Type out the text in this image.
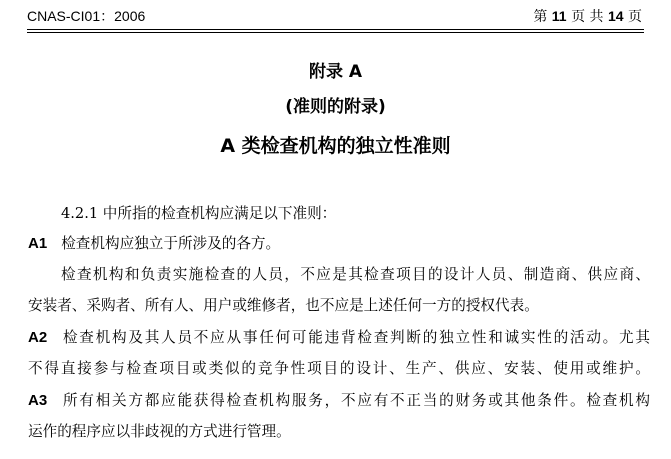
CNAS-CI01：2006	第 11 页 共 14 页
附录 A
(准则的附录)
A 类检查机构的独立性准则
4.2.1 中所指的检查机构应满足以下准则：
A1 检查机构应独立于所涉及的各方。
检查机构和负责实施检查的人员，不应是其检查项目的设计人员、制造商、供应商、
安装者、采购者、所有人、用户或维修者，也不应是上述任何一方的授权代表。
A2 检查机构及其人员不应从事任何可能违背检查判断的独立性和诚实性的活动。尤其
不得直接参与检查项目或类似的竞争性项目的设计、生产、供应、安装、使用或维护。
A3 所有相关方都应能获得检查机构服务，不应有不正当的财务或其他条件。检查机构
运作的程序应以非歧视的方式进行管理。
